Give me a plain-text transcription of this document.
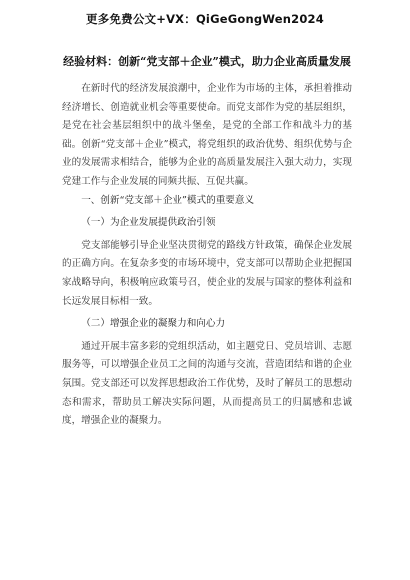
更多免费公文+VX：QiGeGongWen2024
经验材料：创新“党支部＋企业”模式，助力企业高质量发展

在新时代的经济发展浪潮中，企业作为市场的主体，承担着推动经济增长、创造就业机会等重要使命。而党支部作为党的基层组织，是党在社会基层组织中的战斗堡垒，是党的全部工作和战斗力的基础。创新“党支部＋企业”模式，将党组织的政治优势、组织优势与企业的发展需求相结合，能够为企业的高质量发展注入强大动力，实现党建工作与企业发展的同频共振、互促共赢。

一、创新“党支部＋企业”模式的重要意义

（一）为企业发展提供政治引领

党支部能够引导企业坚决贯彻党的路线方针政策，确保企业发展的正确方向。在复杂多变的市场环境中，党支部可以帮助企业把握国家战略导向，积极响应政策号召，使企业的发展与国家的整体利益和长远发展目标相一致。

（二）增强企业的凝聚力和向心力

通过开展丰富多彩的党组织活动，如主题党日、党员培训、志愿服务等，可以增强企业员工之间的沟通与交流，营造团结和谐的企业氛围。党支部还可以发挥思想政治工作优势，及时了解员工的思想动态和需求，帮助员工解决实际问题，从而提高员工的归属感和忠诚度，增强企业的凝聚力。
